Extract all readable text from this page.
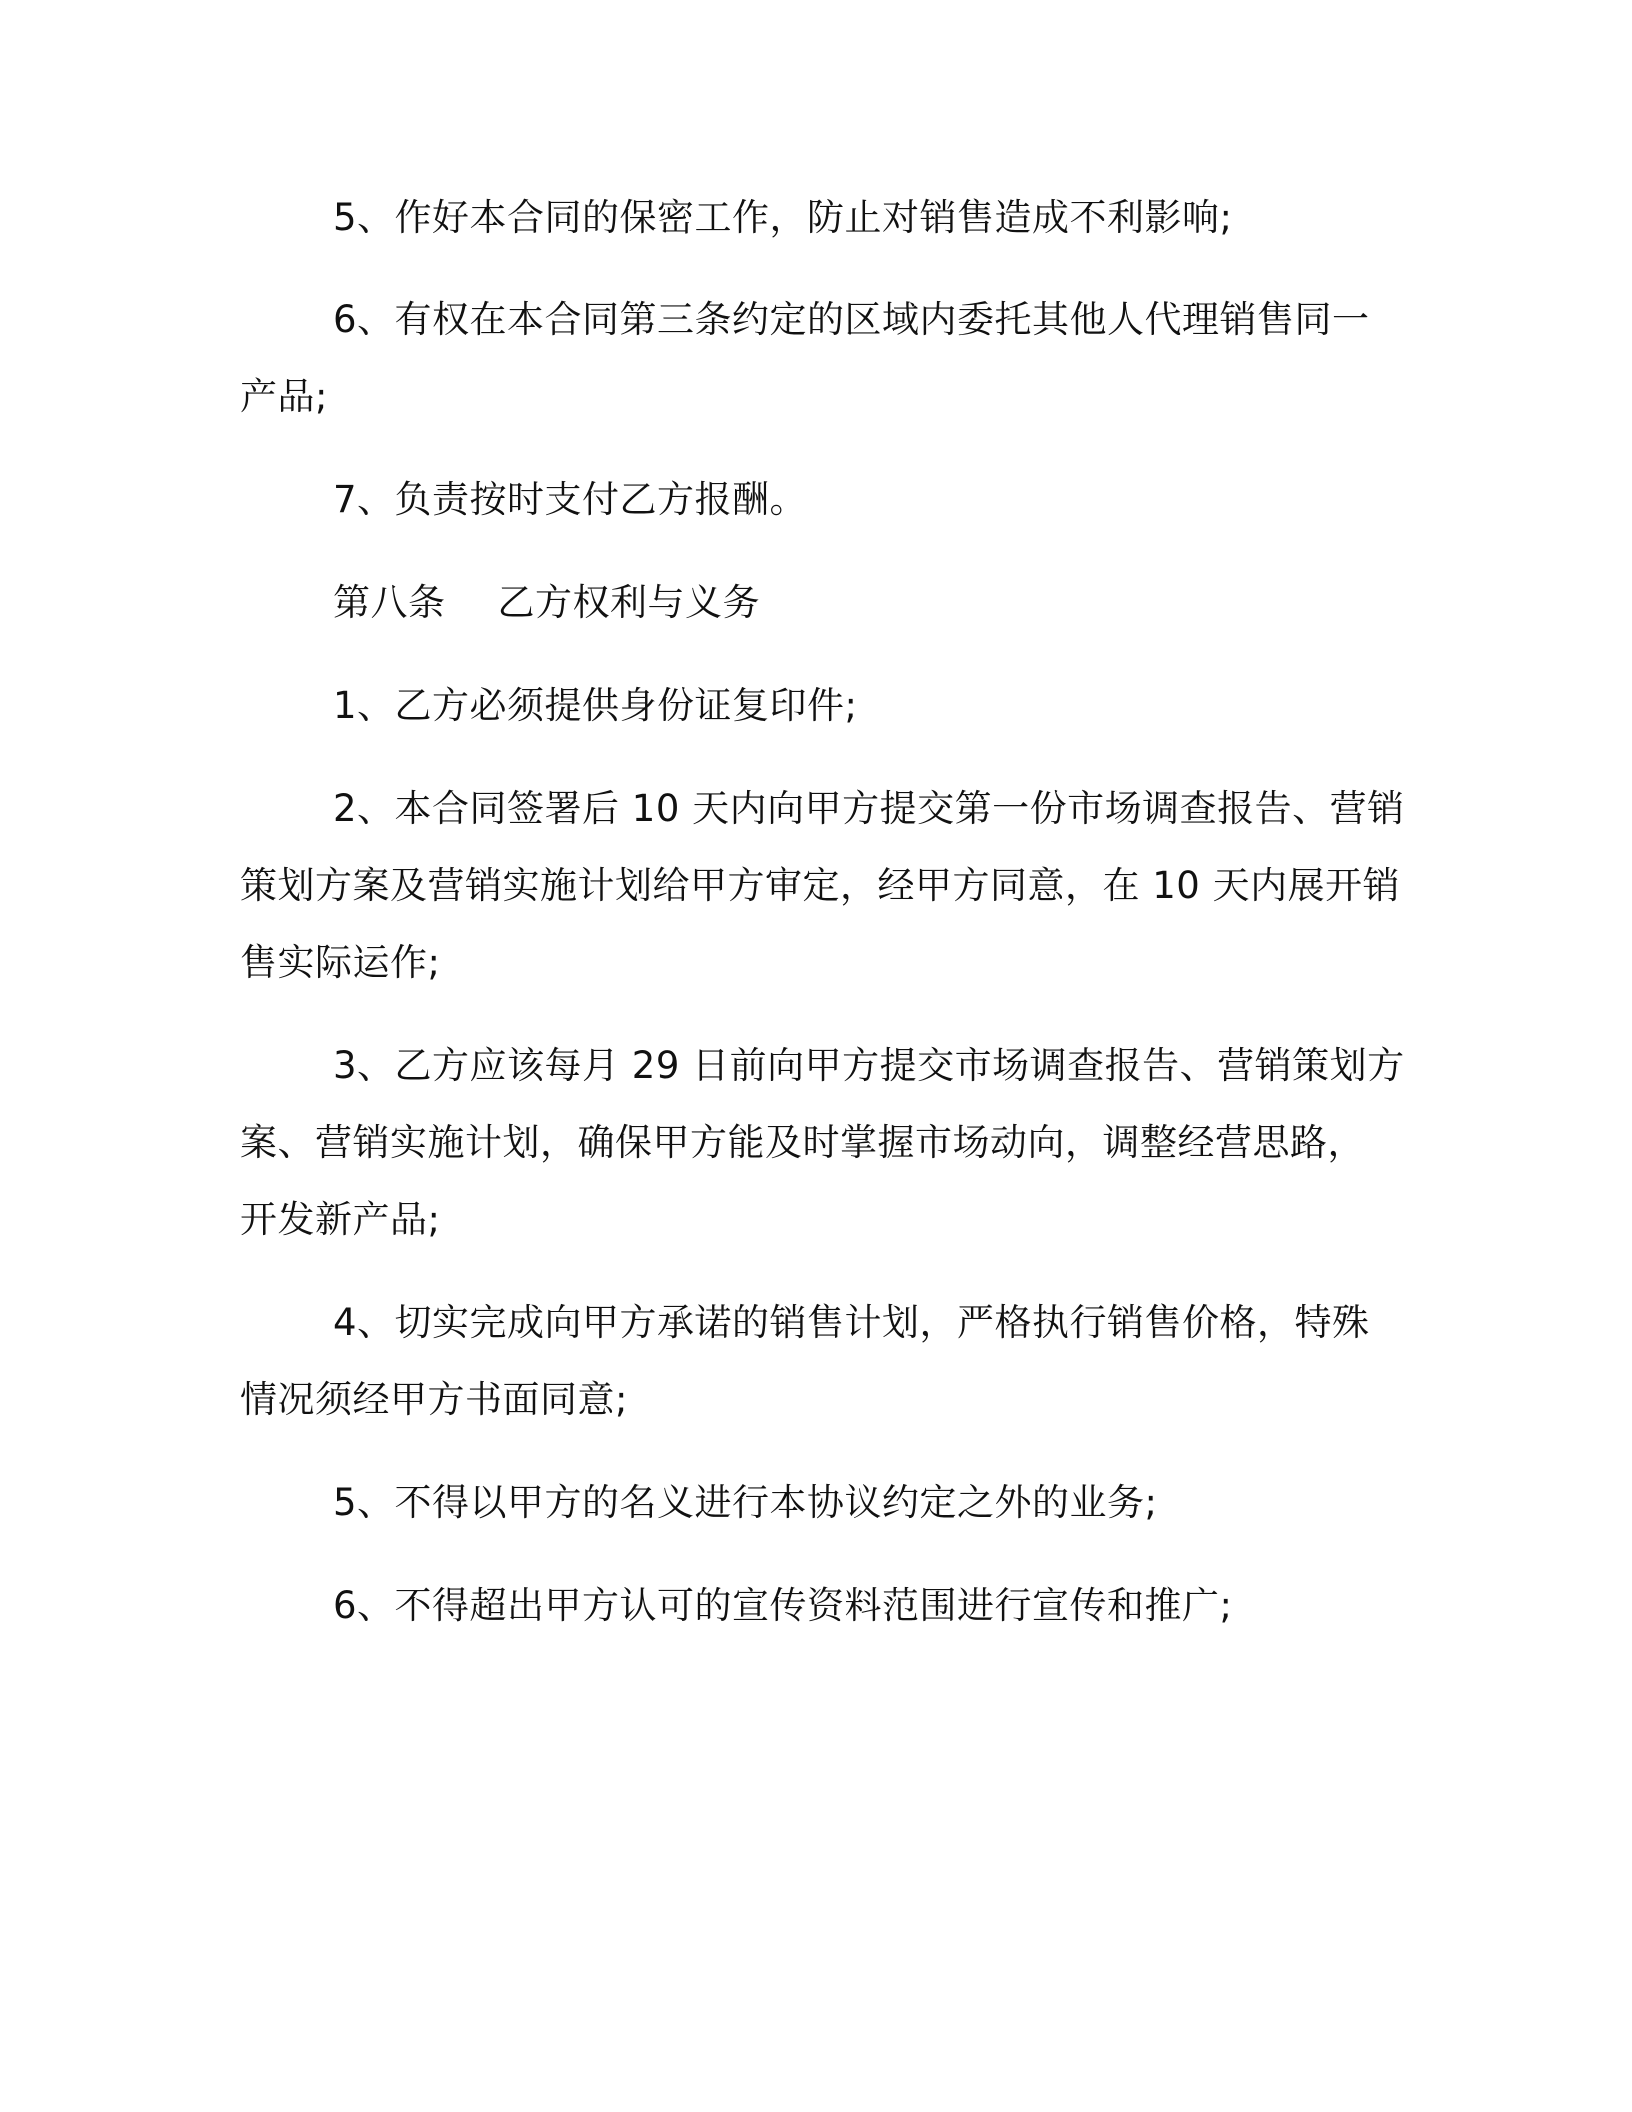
5、作好本合同的保密工作，防止对销售造成不利影响;
6、有权在本合同第三条约定的区域内委托其他人代理销售同一
产品;
7、负责按时支付乙方报酬。
第八条 乙方权利与义务
1、乙方必须提供身份证复印件;
2、本合同签署后 10 天内向甲方提交第一份市场调查报告、营销
策划方案及营销实施计划给甲方审定，经甲方同意，在 10 天内展开销
售实际运作;
3、乙方应该每月 29 日前向甲方提交市场调查报告、营销策划方
案、营销实施计划，确保甲方能及时掌握市场动向，调整经营思路，
开发新产品;
4、切实完成向甲方承诺的销售计划，严格执行销售价格，特殊
情况须经甲方书面同意;
5、不得以甲方的名义进行本协议约定之外的业务;
6、不得超出甲方认可的宣传资料范围进行宣传和推广;
